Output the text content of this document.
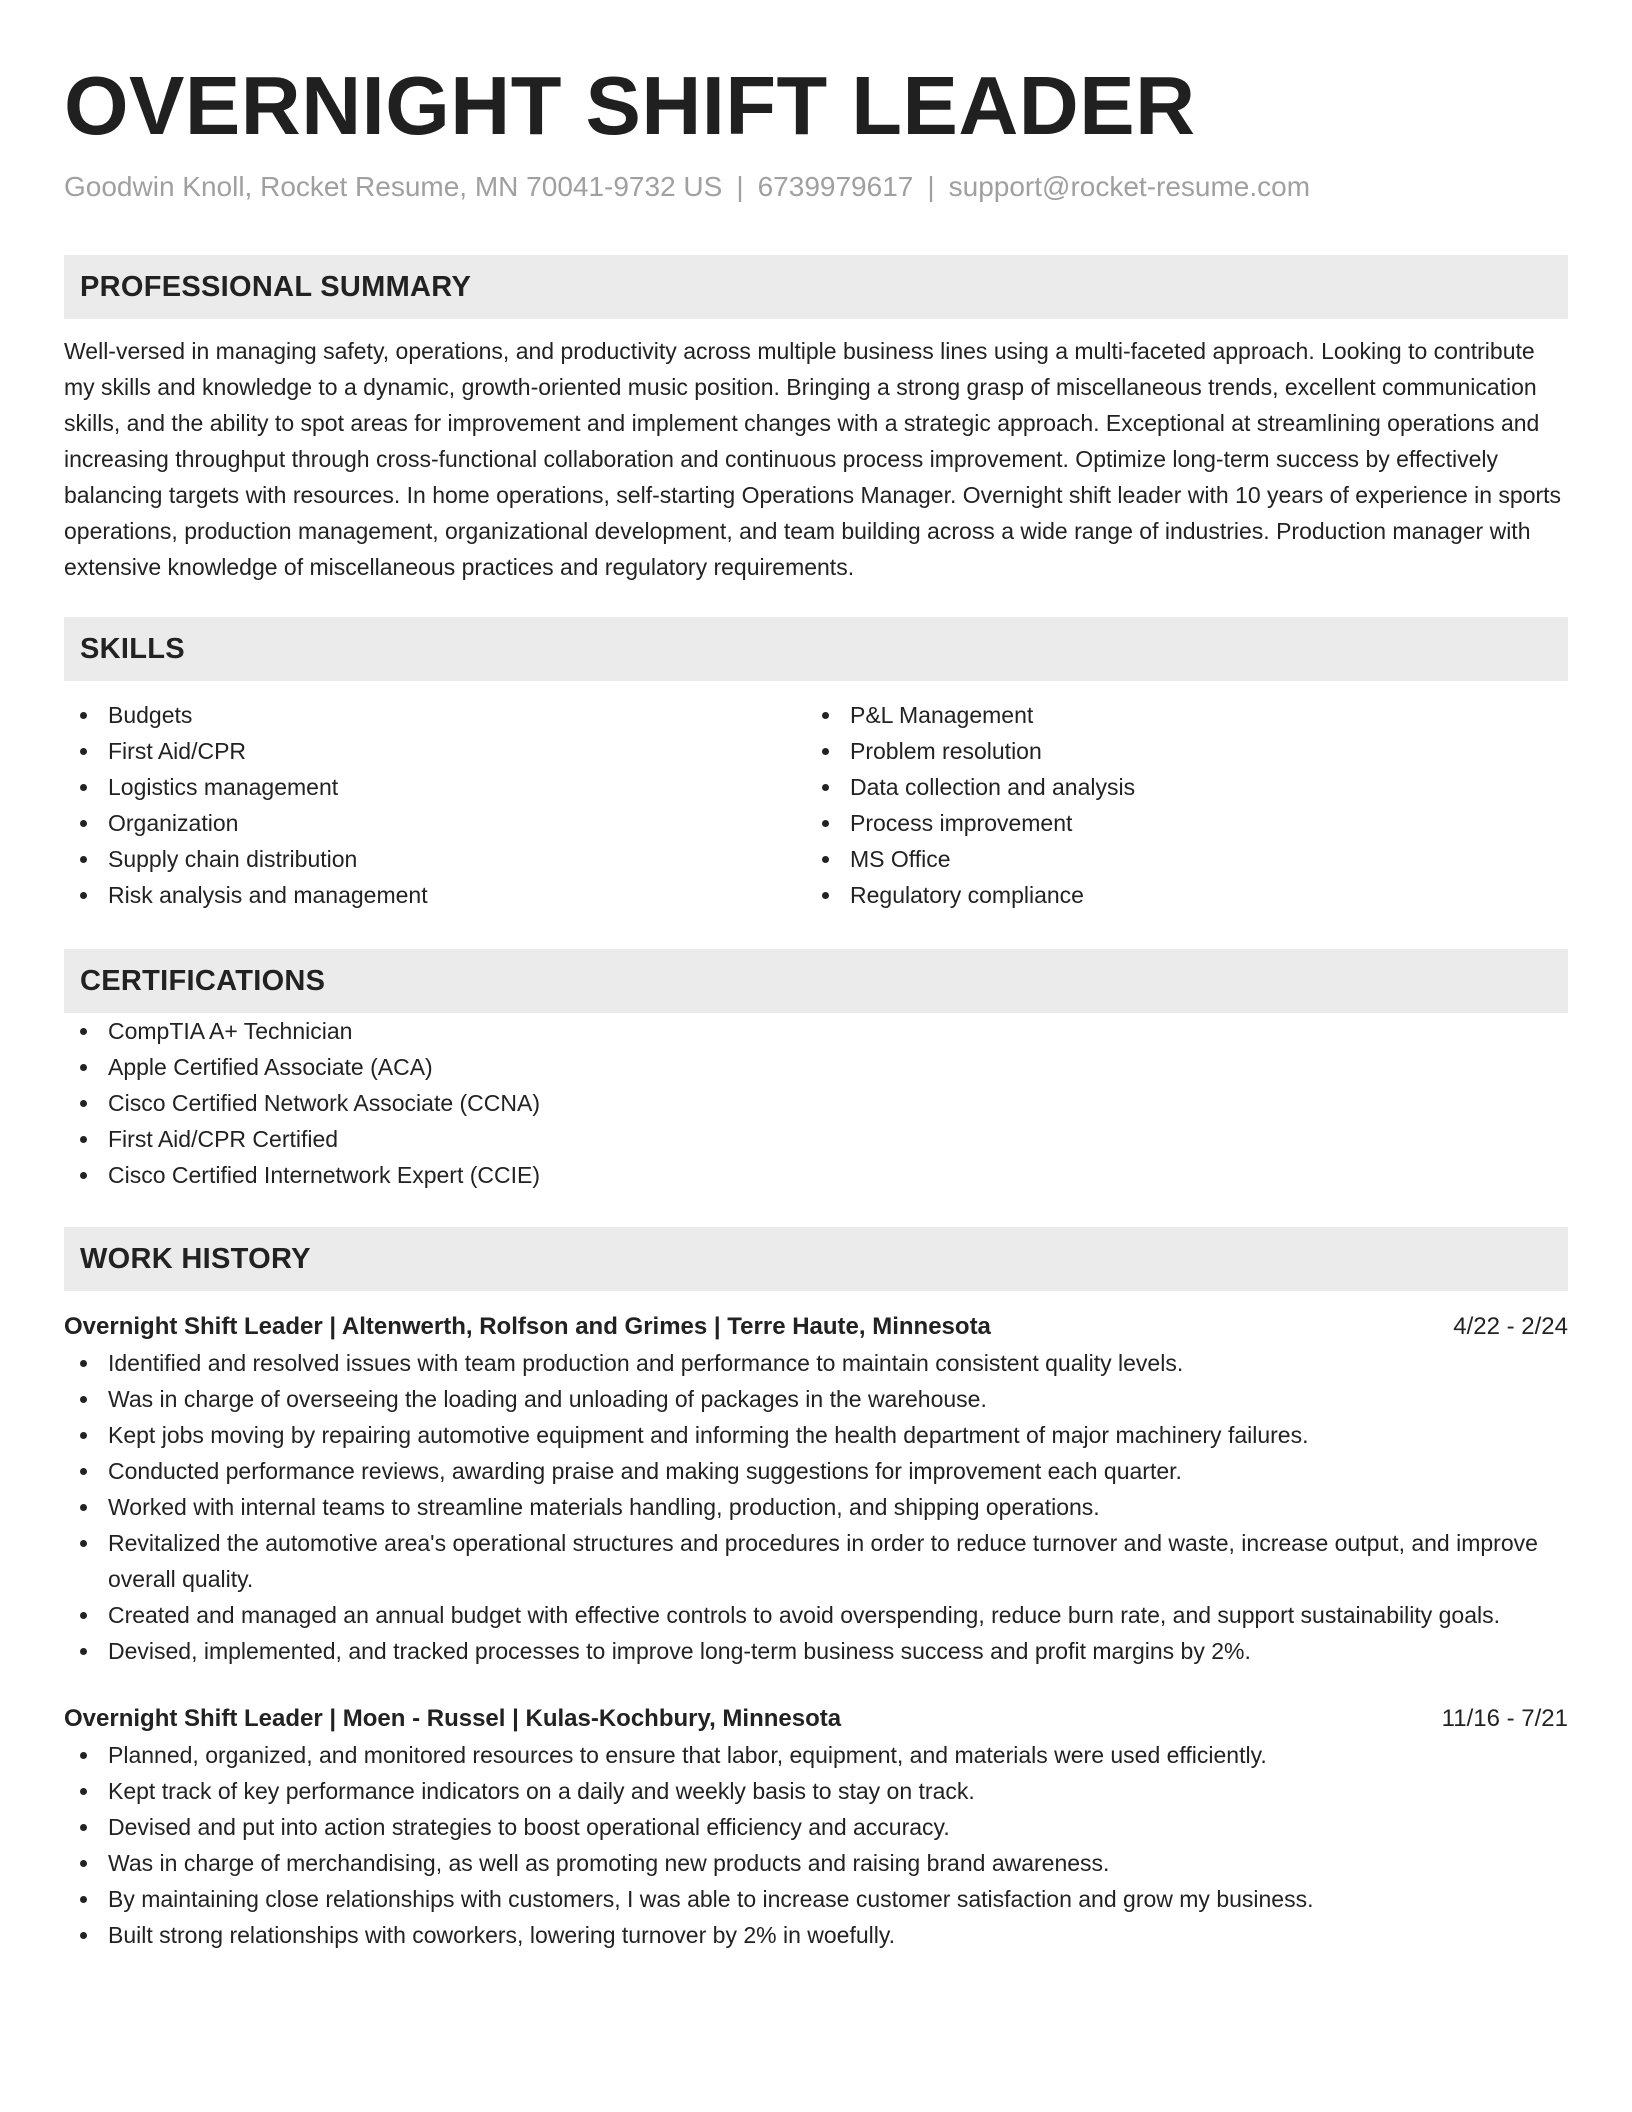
OVERNIGHT SHIFT LEADER
Goodwin Knoll, Rocket Resume, MN 70041-9732 US | 6739979617 | support@rocket-resume.com
PROFESSIONAL SUMMARY
Well-versed in managing safety, operations, and productivity across multiple business lines using a multi-faceted approach. Looking to contribute my skills and knowledge to a dynamic, growth-oriented music position. Bringing a strong grasp of miscellaneous trends, excellent communication skills, and the ability to spot areas for improvement and implement changes with a strategic approach. Exceptional at streamlining operations and increasing throughput through cross-functional collaboration and continuous process improvement. Optimize long-term success by effectively balancing targets with resources. In home operations, self-starting Operations Manager. Overnight shift leader with 10 years of experience in sports operations, production management, organizational development, and team building across a wide range of industries. Production manager with extensive knowledge of miscellaneous practices and regulatory requirements.
SKILLS
Budgets
First Aid/CPR
Logistics management
Organization
Supply chain distribution
Risk analysis and management
P&L Management
Problem resolution
Data collection and analysis
Process improvement
MS Office
Regulatory compliance
CERTIFICATIONS
CompTIA A+ Technician
Apple Certified Associate (ACA)
Cisco Certified Network Associate (CCNA)
First Aid/CPR Certified
Cisco Certified Internetwork Expert (CCIE)
WORK HISTORY
Overnight Shift Leader | Altenwerth, Rolfson and Grimes | Terre Haute, Minnesota	4/22 - 2/24
Identified and resolved issues with team production and performance to maintain consistent quality levels.
Was in charge of overseeing the loading and unloading of packages in the warehouse.
Kept jobs moving by repairing automotive equipment and informing the health department of major machinery failures.
Conducted performance reviews, awarding praise and making suggestions for improvement each quarter.
Worked with internal teams to streamline materials handling, production, and shipping operations.
Revitalized the automotive area's operational structures and procedures in order to reduce turnover and waste, increase output, and improve overall quality.
Created and managed an annual budget with effective controls to avoid overspending, reduce burn rate, and support sustainability goals.
Devised, implemented, and tracked processes to improve long-term business success and profit margins by 2%.
Overnight Shift Leader | Moen - Russel | Kulas-Kochbury, Minnesota	11/16 - 7/21
Planned, organized, and monitored resources to ensure that labor, equipment, and materials were used efficiently.
Kept track of key performance indicators on a daily and weekly basis to stay on track.
Devised and put into action strategies to boost operational efficiency and accuracy.
Was in charge of merchandising, as well as promoting new products and raising brand awareness.
By maintaining close relationships with customers, I was able to increase customer satisfaction and grow my business.
Built strong relationships with coworkers, lowering turnover by 2% in woefully.
